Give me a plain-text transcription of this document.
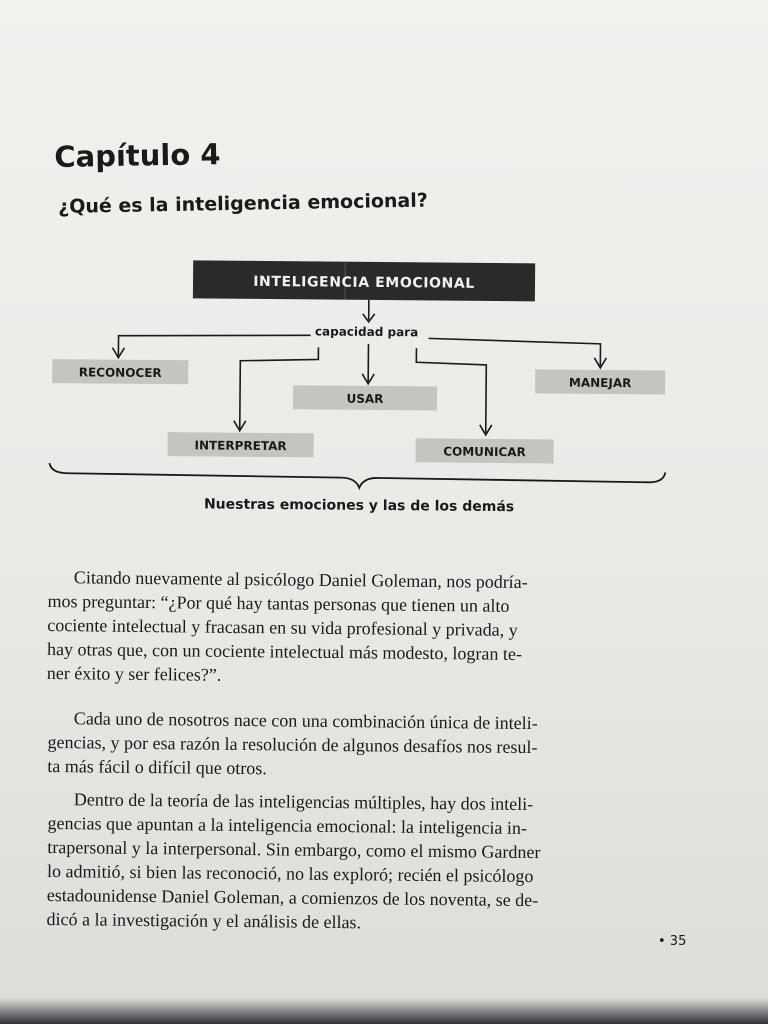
Capítulo 4
¿Qué es la inteligencia emocional?
INTELIGENCIA EMOCIONAL
capacidad para
RECONOCER
USAR
MANEJAR
INTERPRETAR	COMUNICAR
Nuestras emociones y las de los demás

Citando nuevamente al psicólogo Daniel Goleman, nos podría-
mos preguntar: “¿Por qué hay tantas personas que tienen un alto
cociente intelectual y fracasan en su vida profesional y privada, y
hay otras que, con un cociente intelectual más modesto, logran te-
ner éxito y ser felices?”.

Cada uno de nosotros nace con una combinación única de inteli-
gencias, y por esa razón la resolución de algunos desafíos nos resul-
ta más fácil o difícil que otros.

Dentro de la teoría de las inteligencias múltiples, hay dos inteli-
gencias que apuntan a la inteligencia emocional: la inteligencia in-
trapersonal y la interpersonal. Sin embargo, como el mismo Gardner
lo admitió, si bien las reconoció, no las exploró; recién el psicólogo
estadounidense Daniel Goleman, a comienzos de los noventa, se de-
dicó a la investigación y el análisis de ellas.

• 35
